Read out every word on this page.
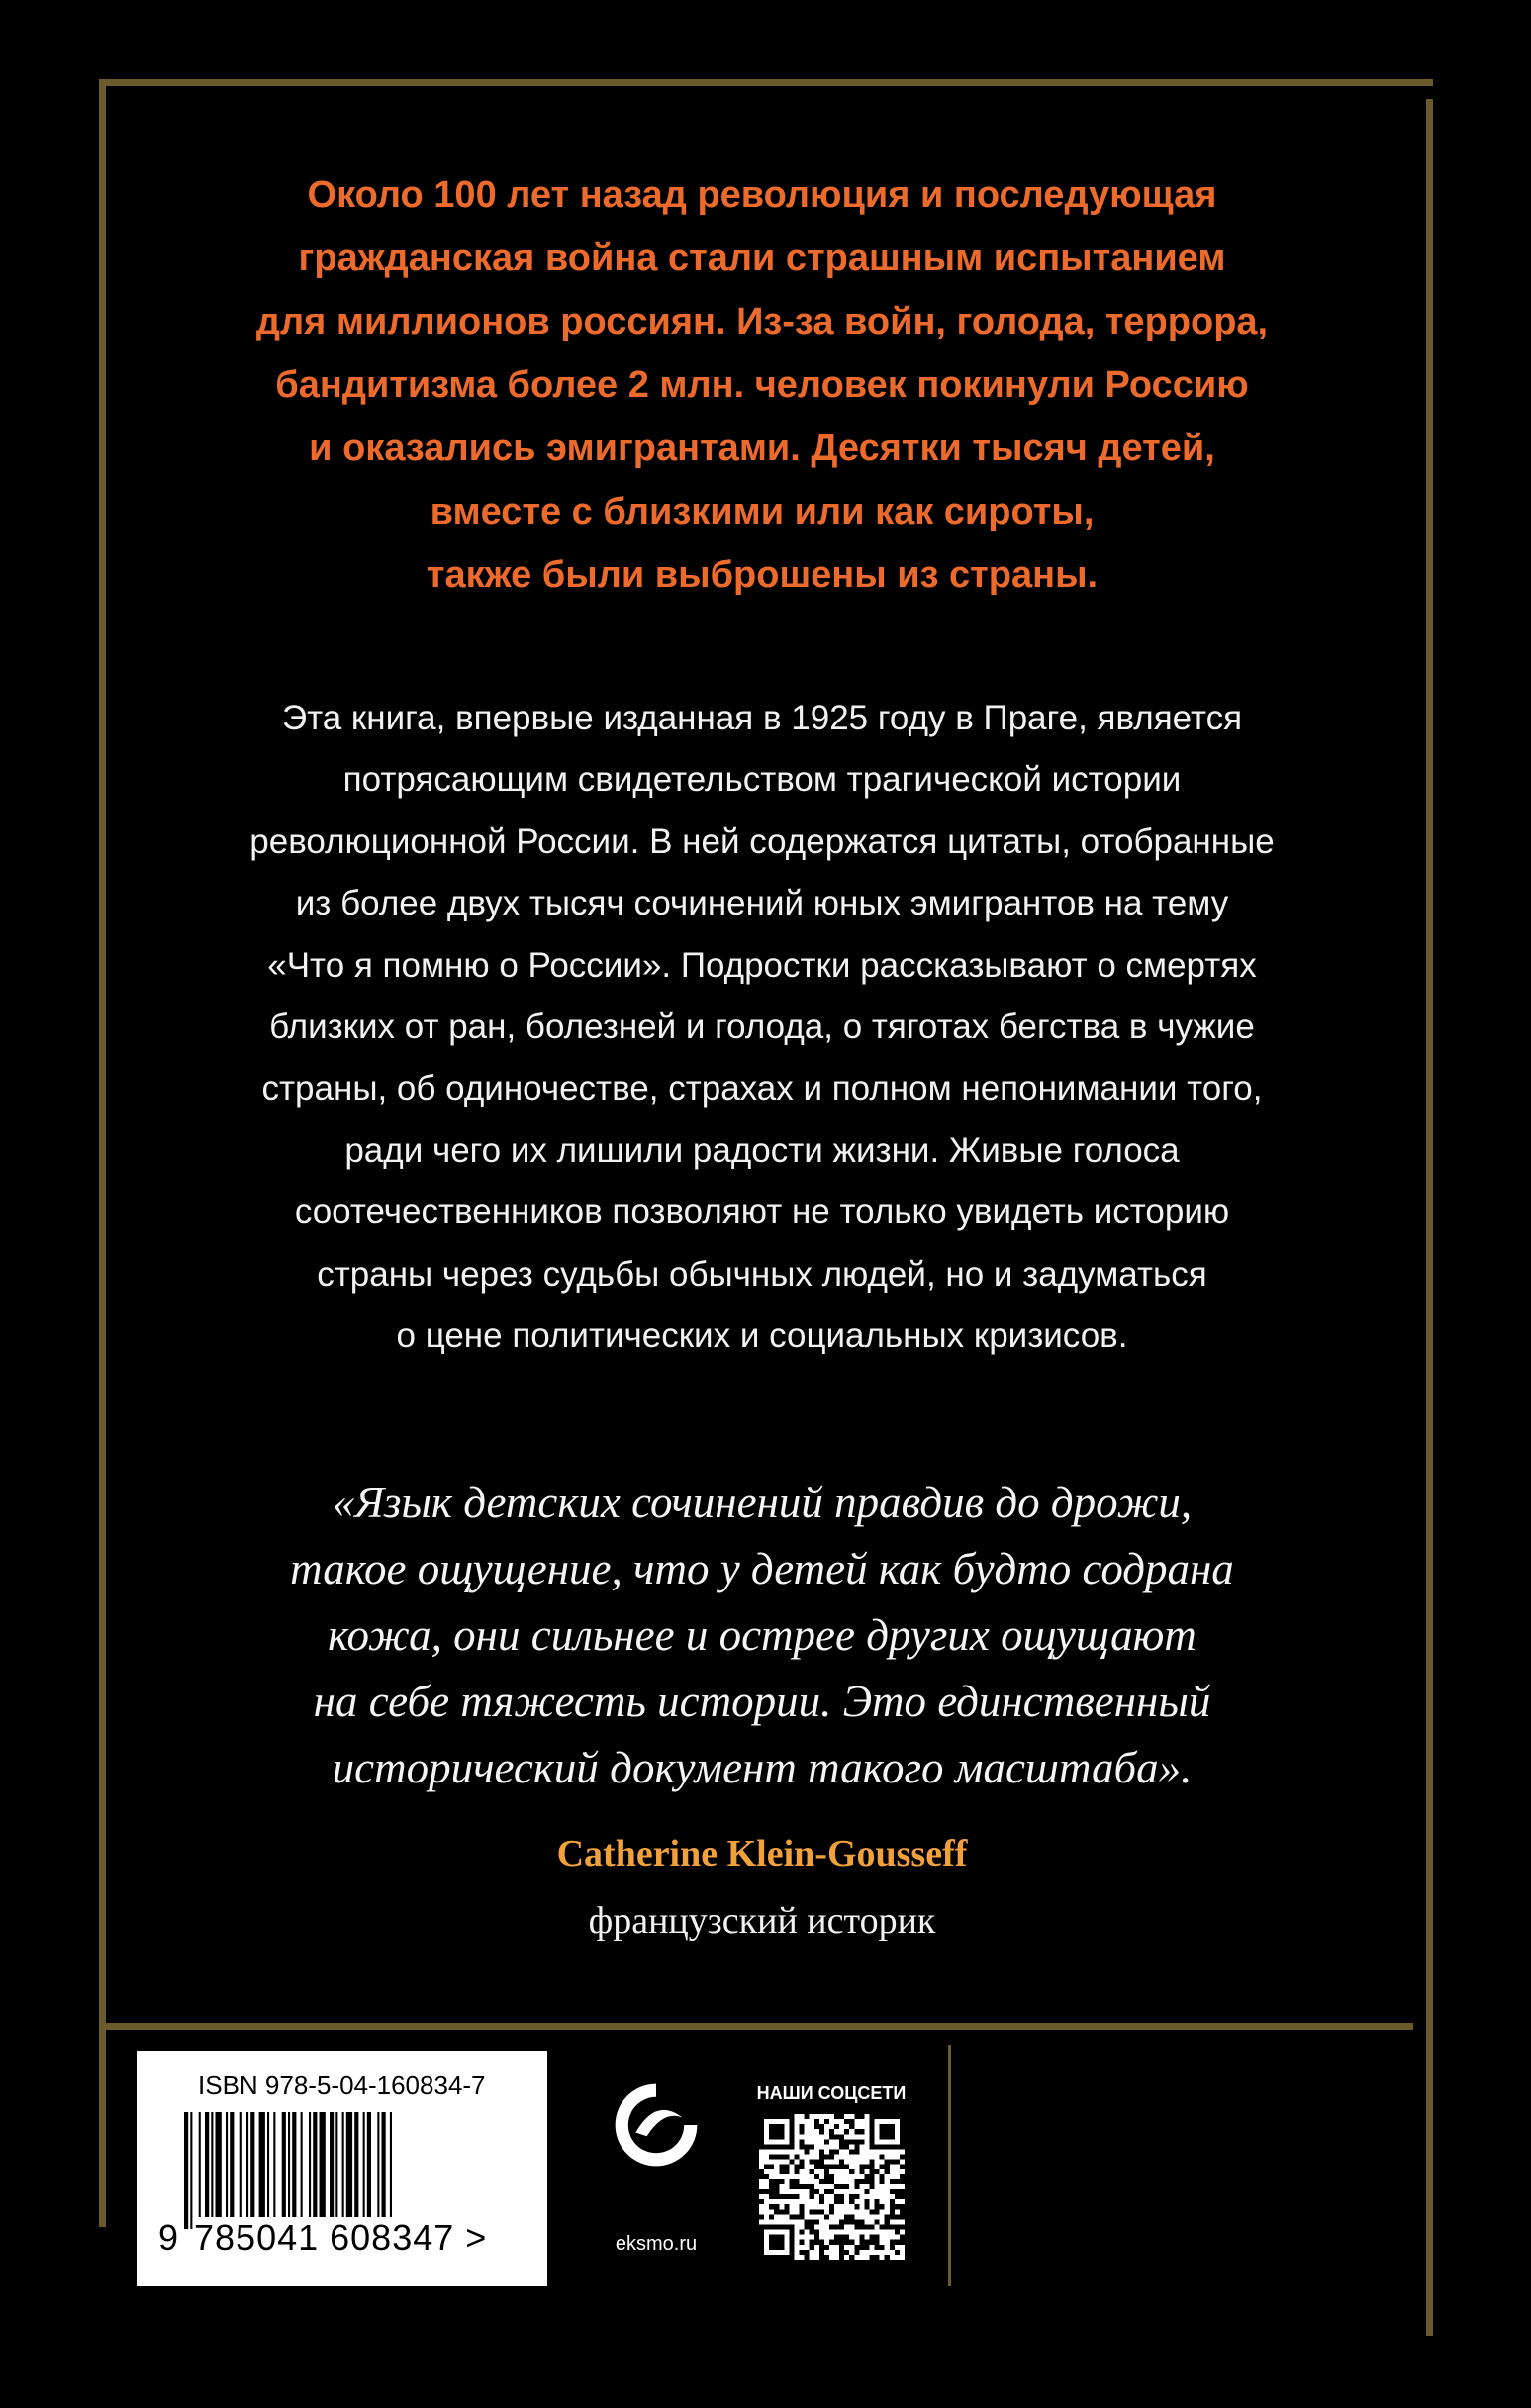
Около 100 лет назад революция и последующая
гражданская война стали страшным испытанием
для миллионов россиян. Из-за войн, голода, террора,
бандитизма более 2 млн. человек покинули Россию
и оказались эмигрантами. Десятки тысяч детей,
вместе с близкими или как сироты,
также были выброшены из страны.

Эта книга, впервые изданная в 1925 году в Праге, является
потрясающим свидетельством трагической истории
революционной России. В ней содержатся цитаты, отобранные
из более двух тысяч сочинений юных эмигрантов на тему
«Что я помню о России». Подростки рассказывают о смертях
близких от ран, болезней и голода, о тяготах бегства в чужие
страны, об одиночестве, страхах и полном непонимании того,
ради чего их лишили радости жизни. Живые голоса
соотечественников позволяют не только увидеть историю
страны через судьбы обычных людей, но и задуматься
о цене политических и социальных кризисов.

«Язык детских сочинений правдив до дрожи,
такое ощущение, что у детей как будто содрана
кожа, они сильнее и острее других ощущают
на себе тяжесть истории. Это единственный
исторический документ такого масштаба».

Catherine Klein-Gousseff
французский историк
ISBN 978-5-04-160834-7
9 785041 608347 >	eksmo.ru
НАШИ СОЦСЕТИ
